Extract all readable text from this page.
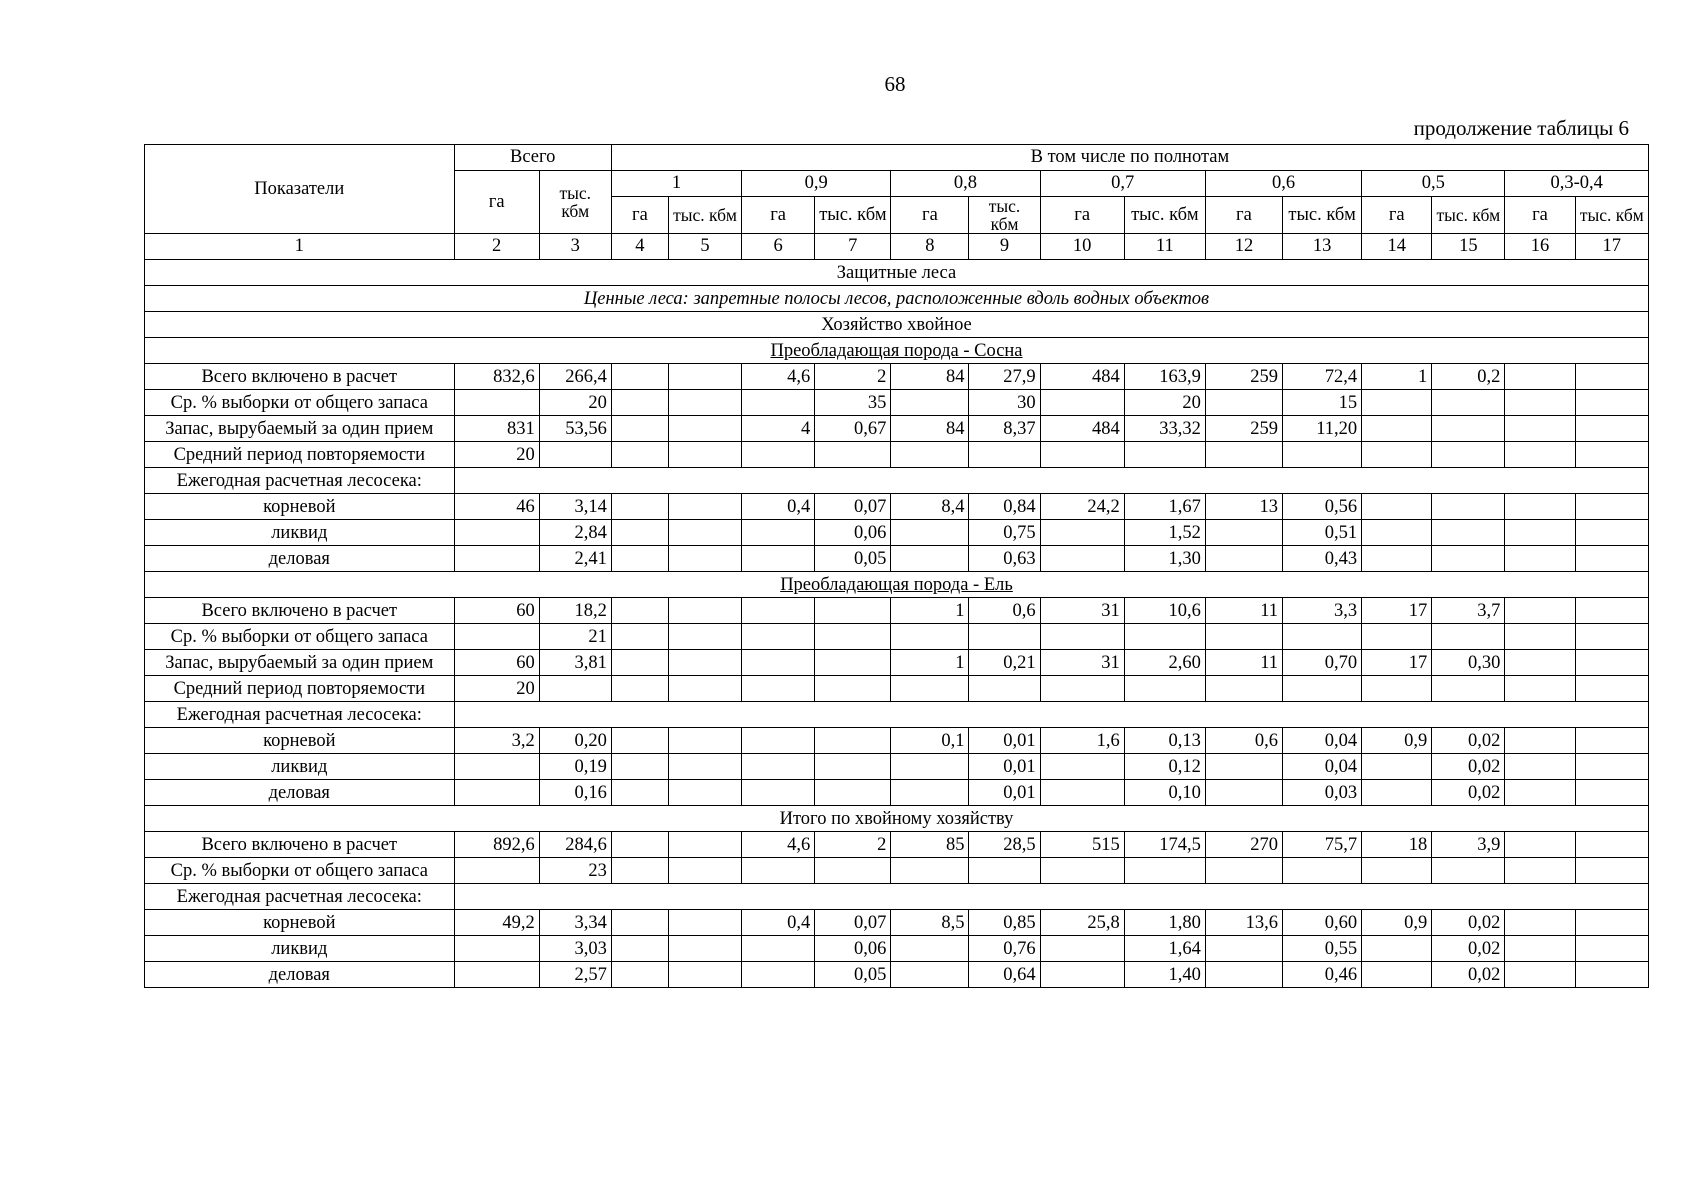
68
продолжение таблицы 6
Показатели	Всего		В том числе по полнотам													
	га	тыс. кбм	1		0,9		0,8		0,7		0,6		0,5		0,3-0,4	
			га	тыс. кбм	га	тыс. кбм	га	тыс. кбм	га	тыс. кбм	га	тыс. кбм	га	тыс. кбм	га	тыс. кбм
1	2	3	4	5	6	7	8	9	10	11	12	13	14	15	16	17
Защитные леса																
Ценные леса: запретные полосы лесов, расположенные вдоль водных объектов																
Хозяйство хвойное																
Преобладающая порода - Сосна																
Всего включено в расчет	832,6	266,4			4,6	2	84	27,9	484	163,9	259	72,4	1	0,2		
Ср. % выборки от общего запаса		20				35		30		20		15				
Запас, вырубаемый за один прием	831	53,56			4	0,67	84	8,37	484	33,32	259	11,20				
Средний период повторяемости	20															
Ежегодная расчетная лесосека:																
корневой	46	3,14			0,4	0,07	8,4	0,84	24,2	1,67	13	0,56				
ликвид		2,84				0,06		0,75		1,52		0,51				
деловая		2,41				0,05		0,63		1,30		0,43				
Преобладающая порода - Ель																
Всего включено в расчет	60	18,2					1	0,6	31	10,6	11	3,3	17	3,7		
Ср. % выборки от общего запаса		21														
Запас, вырубаемый за один прием	60	3,81					1	0,21	31	2,60	11	0,70	17	0,30		
Средний период повторяемости	20															
Ежегодная расчетная лесосека:																
корневой	3,2	0,20					0,1	0,01	1,6	0,13	0,6	0,04	0,9	0,02		
ликвид		0,19						0,01		0,12		0,04		0,02		
деловая		0,16						0,01		0,10		0,03		0,02		
Итого по хвойному хозяйству																
Всего включено в расчет	892,6	284,6			4,6	2	85	28,5	515	174,5	270	75,7	18	3,9		
Ср. % выборки от общего запаса		23														
Ежегодная расчетная лесосека:																
корневой	49,2	3,34			0,4	0,07	8,5	0,85	25,8	1,80	13,6	0,60	0,9	0,02		
ликвид		3,03				0,06		0,76		1,64		0,55		0,02		
деловая		2,57				0,05		0,64		1,40		0,46		0,02		
